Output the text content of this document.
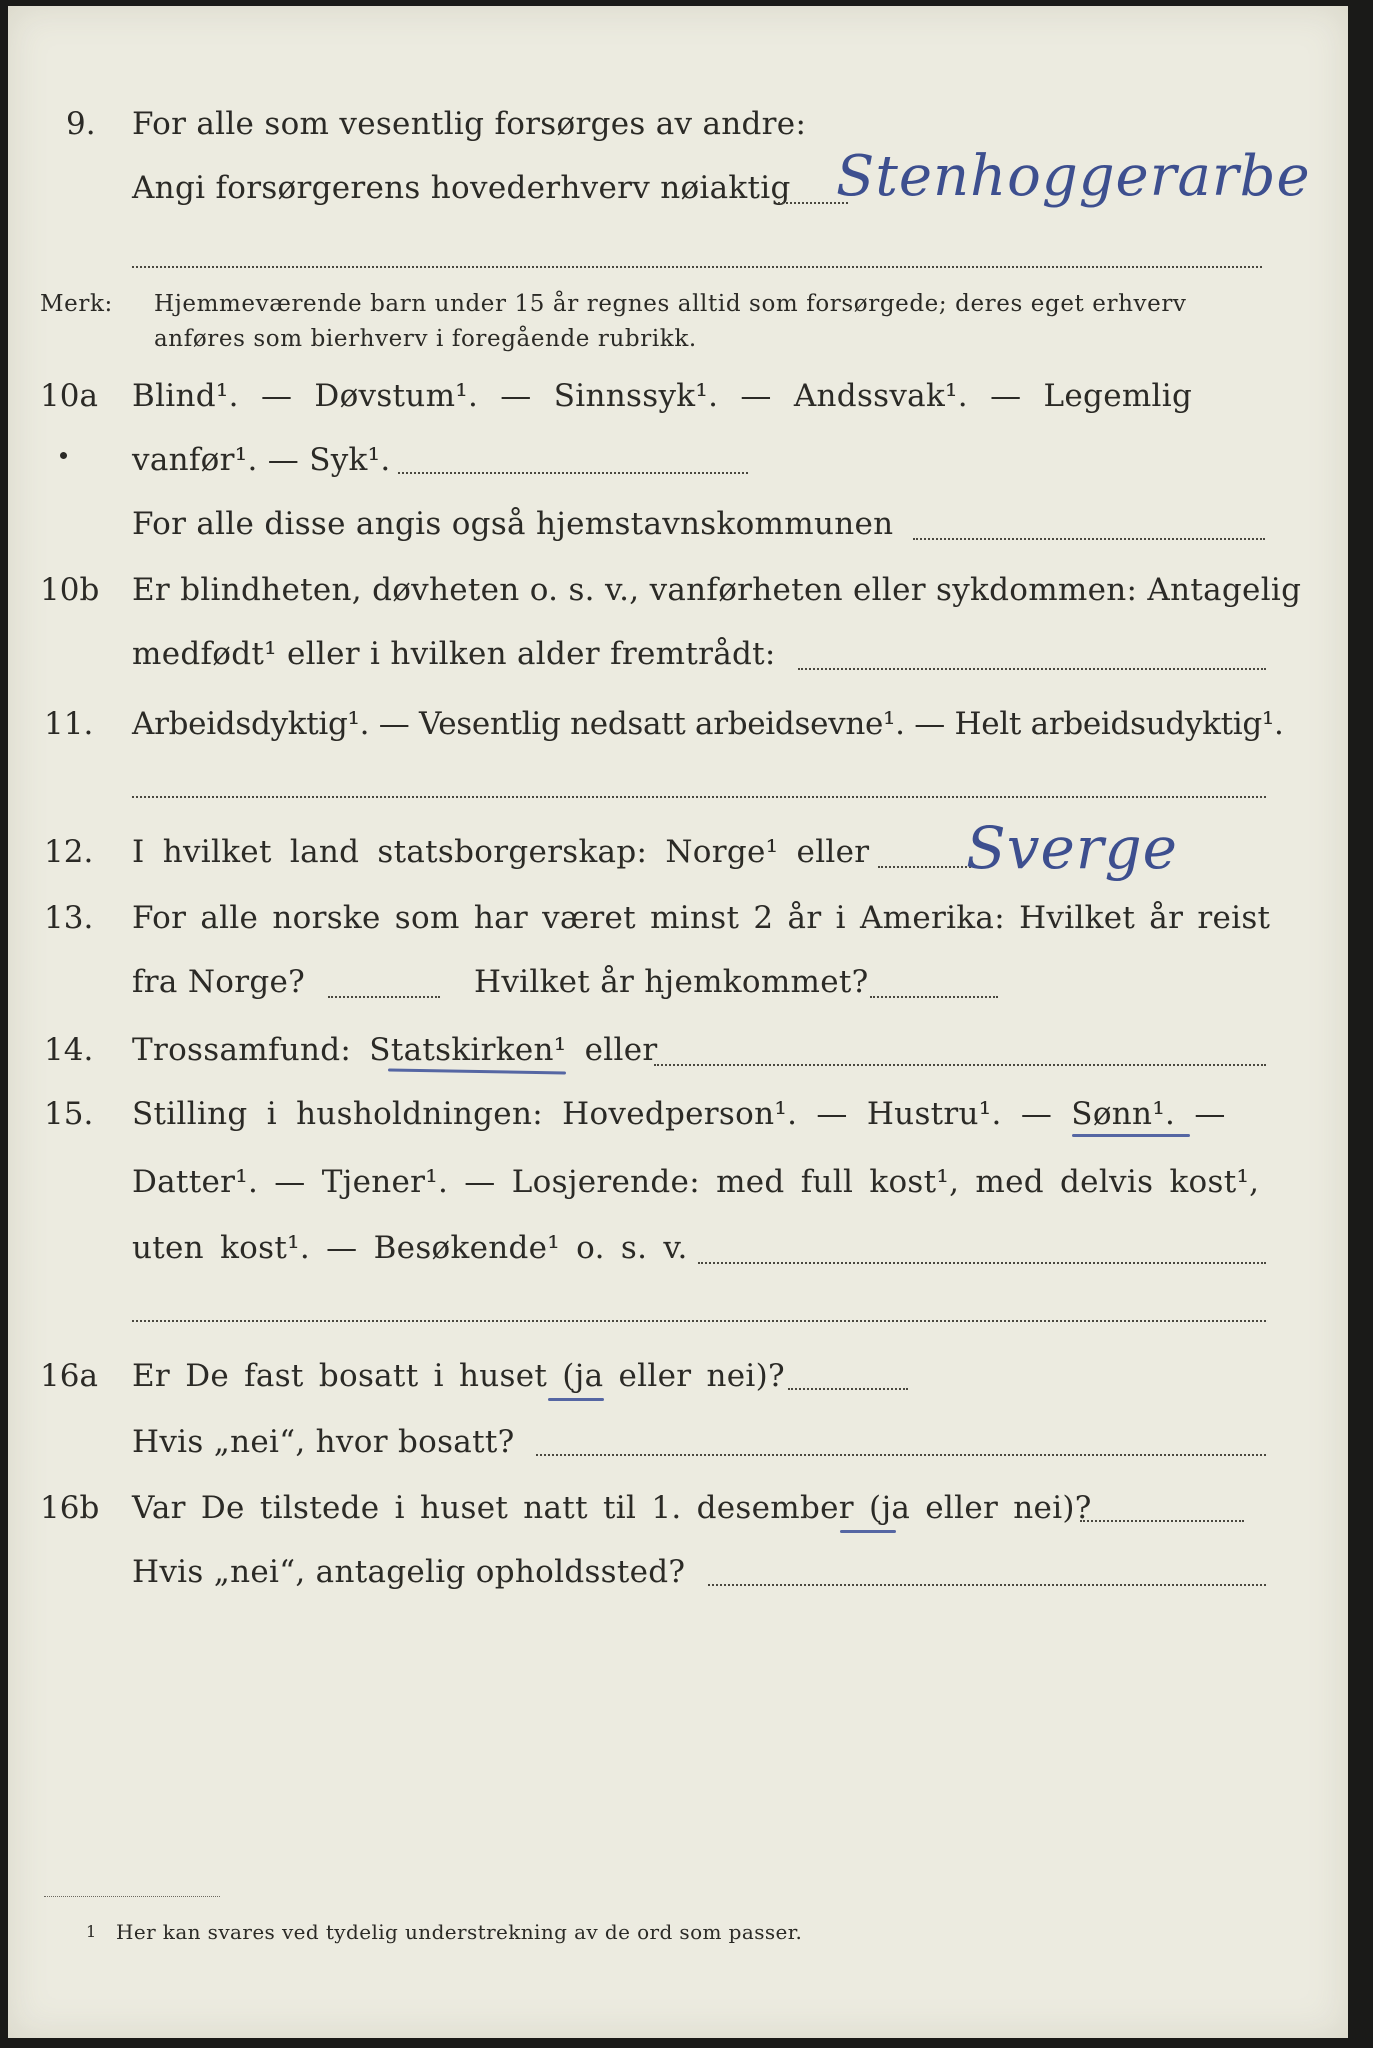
9. For alle som vesentlig forsørges av andre:
Angi forsørgerens hovederhverv nøiaktig Stenhoggerarbe
Merk: Hjemmeværende barn under 15 år regnes alltid som forsørgede; deres eget erhverv
anføres som bierhverv i foregående rubrikk.
10a Blind¹. — Døvstum¹. — Sinnssyk¹. — Andssvak¹. — Legemlig
vanfør¹. — Syk¹.
For alle disse angis også hjemstavnskommunen
10b Er blindheten, døvheten o. s. v., vanførheten eller sykdommen: Antagelig
medfødt¹ eller i hvilken alder fremtrådt:
11. Arbeidsdyktig¹. — Vesentlig nedsatt arbeidsevne¹. — Helt arbeidsudyktig¹.
12. I hvilket land statsborgerskap: Norge¹ eller Sverge
13. For alle norske som har været minst 2 år i Amerika: Hvilket år reist
fra Norge?	Hvilket år hjemkommet?
14. Trossamfund: Statskirken¹ eller
15. Stilling i husholdningen: Hovedperson¹. — Hustru¹. — Sønn¹. —
Datter¹. — Tjener¹. — Losjerende: med full kost¹, med delvis kost¹,
uten kost¹. — Besøkende¹ o. s. v.
16a Er De fast bosatt i huset (ja eller nei)?
Hvis „nei“, hvor bosatt?
16b Var De tilstede i huset natt til 1. desember (ja eller nei)?
Hvis „nei“, antagelig opholdssted?
1 Her kan svares ved tydelig understrekning av de ord som passer.
